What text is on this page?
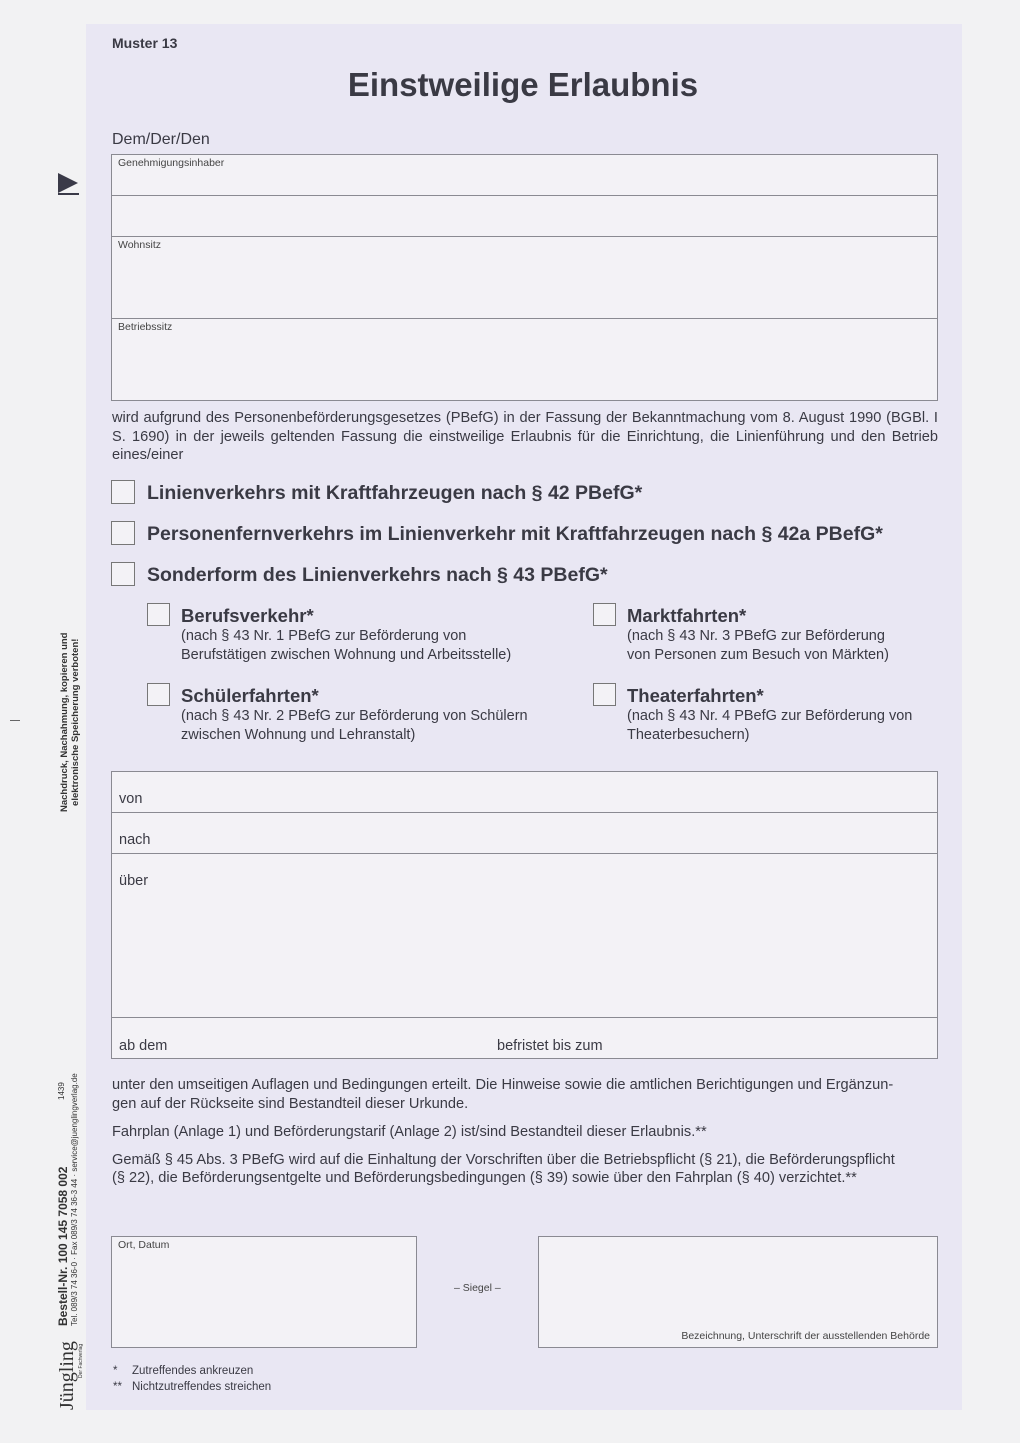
Muster 13
Einstweilige Erlaubnis
Dem/Der/Den
Genehmigungsinhaber
Wohnsitz
Betriebssitz
wird aufgrund des Personenbeförderungsgesetzes (PBefG) in der Fassung der Bekanntmachung vom 8. August 1990 (BGBl. I S. 1690) in der jeweils geltenden Fassung die einstweilige Erlaubnis für die Einrichtung, die Linienführung und den Betrieb eines/einer
Linienverkehrs mit Kraftfahrzeugen nach § 42 PBefG*
Personenfernverkehrs im Linienverkehr mit Kraftfahrzeugen nach § 42a PBefG*
Sonderform des Linienverkehrs nach § 43 PBefG*
Berufsverkehr*
(nach § 43 Nr. 1 PBefG zur Beförderung von
Berufstätigen zwischen Wohnung und Arbeitsstelle)
Marktfahrten*
(nach § 43 Nr. 3 PBefG zur Beförderung
von Personen zum Besuch von Märkten)
Schülerfahrten*
(nach § 43 Nr. 2 PBefG zur Beförderung von Schülern
zwischen Wohnung und Lehranstalt)
Theaterfahrten*
(nach § 43 Nr. 4 PBefG zur Beförderung von
Theaterbesuchern)
von
nach
über
ab dem	befristet bis zum
unter den umseitigen Auflagen und Bedingungen erteilt. Die Hinweise sowie die amtlichen Berichtigungen und Ergänzun-
gen auf der Rückseite sind Bestandteil dieser Urkunde.
Fahrplan (Anlage 1) und Beförderungstarif (Anlage 2) ist/sind Bestandteil dieser Erlaubnis.**
Gemäß § 45 Abs. 3 PBefG wird auf die Einhaltung der Vorschriften über die Betriebspflicht (§ 21), die Beförderungspflicht
(§ 22), die Beförderungsentgelte und Beförderungsbedingungen (§ 39) sowie über den Fahrplan (§ 40) verzichtet.**
Ort, Datum
– Siegel –
Bezeichnung, Unterschrift der ausstellenden Behörde
* Zutreffendes ankreuzen
** Nichtzutreffendes streichen
Nachdruck, Nachahmung, kopieren und elektronische Speicherung verboten!
Jüngling Der Fachverlag
Bestell-Nr. 100 145 7058 002 Tel. 089/3 74 36-0 · Fax 089/3 74 36-3 44 · service@juenglingverlag.de
1439
